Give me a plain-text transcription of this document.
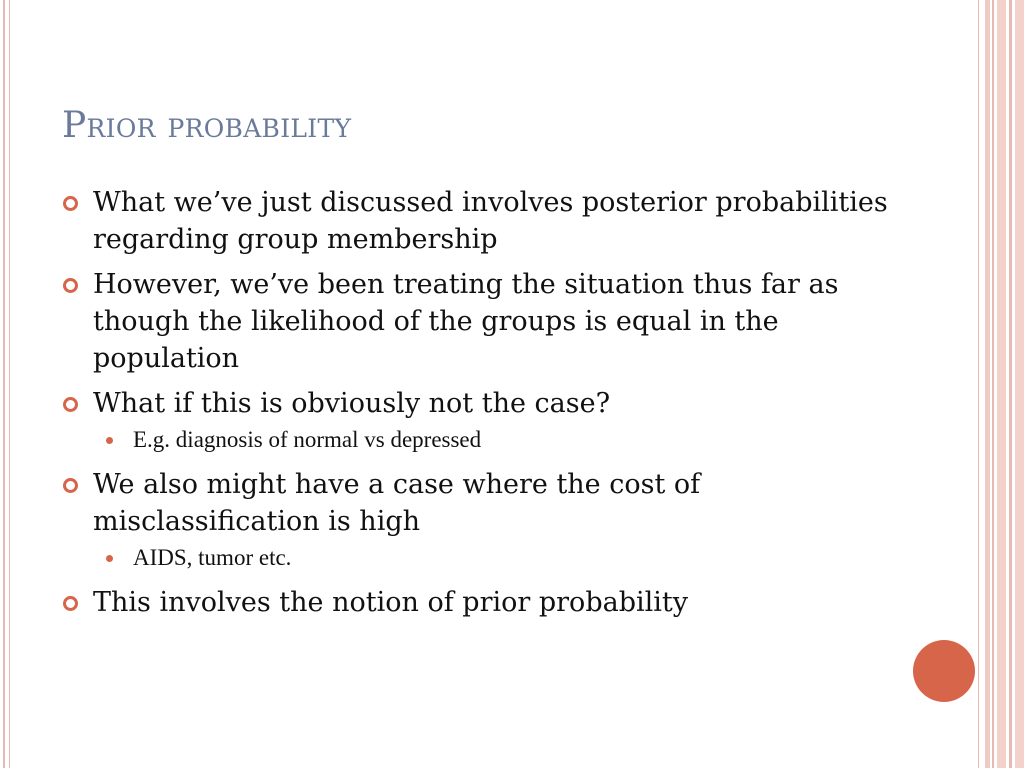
Prior probability
What we’ve just discussed involves posterior probabilities regarding group membership
However, we’ve been treating the situation thus far as though the likelihood of the groups is equal in the population
What if this is obviously not the case?
E.g. diagnosis of normal vs depressed
We also might have a case where the cost of misclassification is high
AIDS, tumor etc.
This involves the notion of prior probability
